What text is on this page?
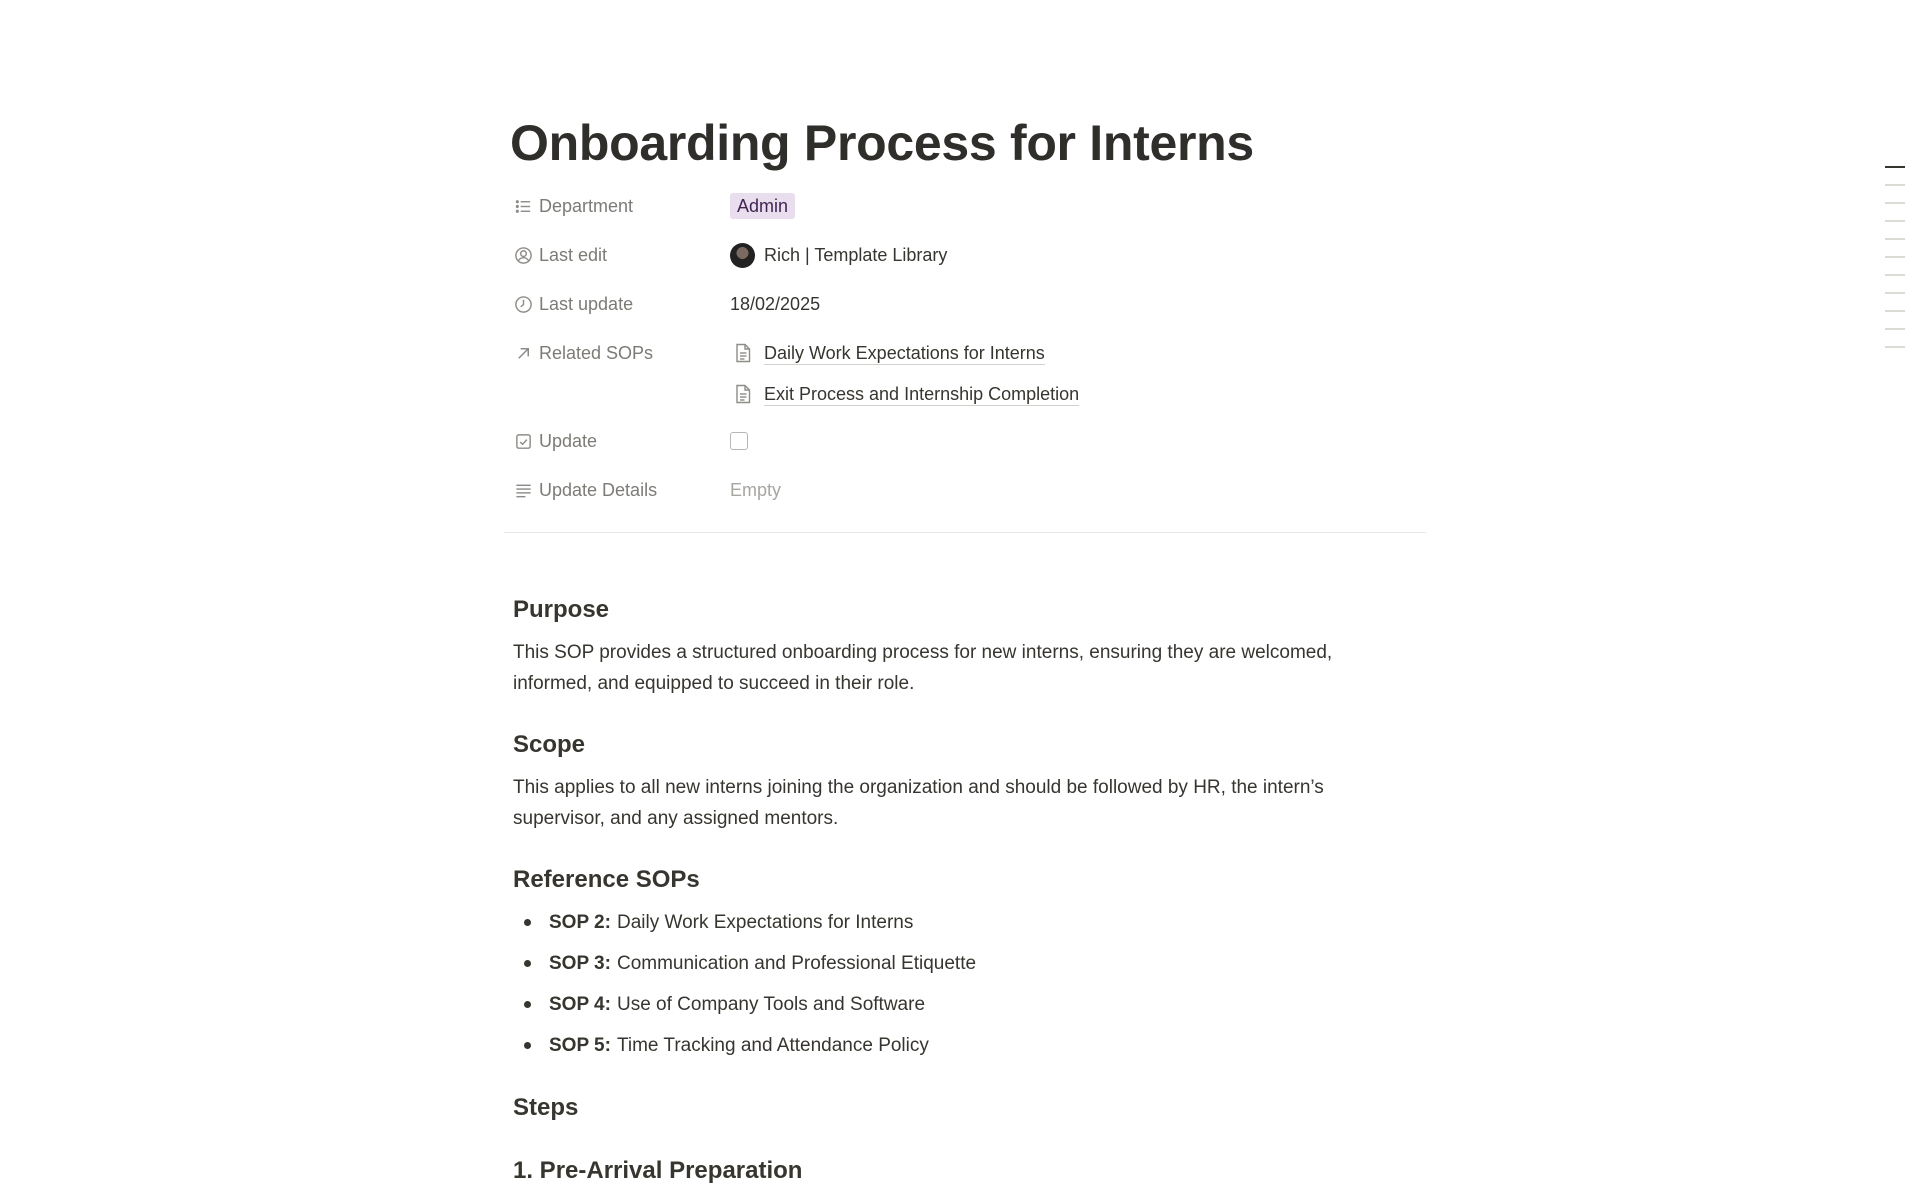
Onboarding Process for Interns
Department	Admin
Last edit	Rich | Template Library
Last update	18/02/2025
Related SOPs	Daily Work Expectations for Interns
Exit Process and Internship Completion
Update
Update Details	Empty
Purpose

This SOP provides a structured onboarding process for new interns, ensuring they are welcomed, informed, and equipped to succeed in their role.

Scope

This applies to all new interns joining the organization and should be followed by HR, the intern’s supervisor, and any assigned mentors.

Reference SOPs
SOP 2: Daily Work Expectations for Interns
SOP 3: Communication and Professional Etiquette
SOP 4: Use of Company Tools and Software
SOP 5: Time Tracking and Attendance Policy
Steps
1. Pre-Arrival Preparation
